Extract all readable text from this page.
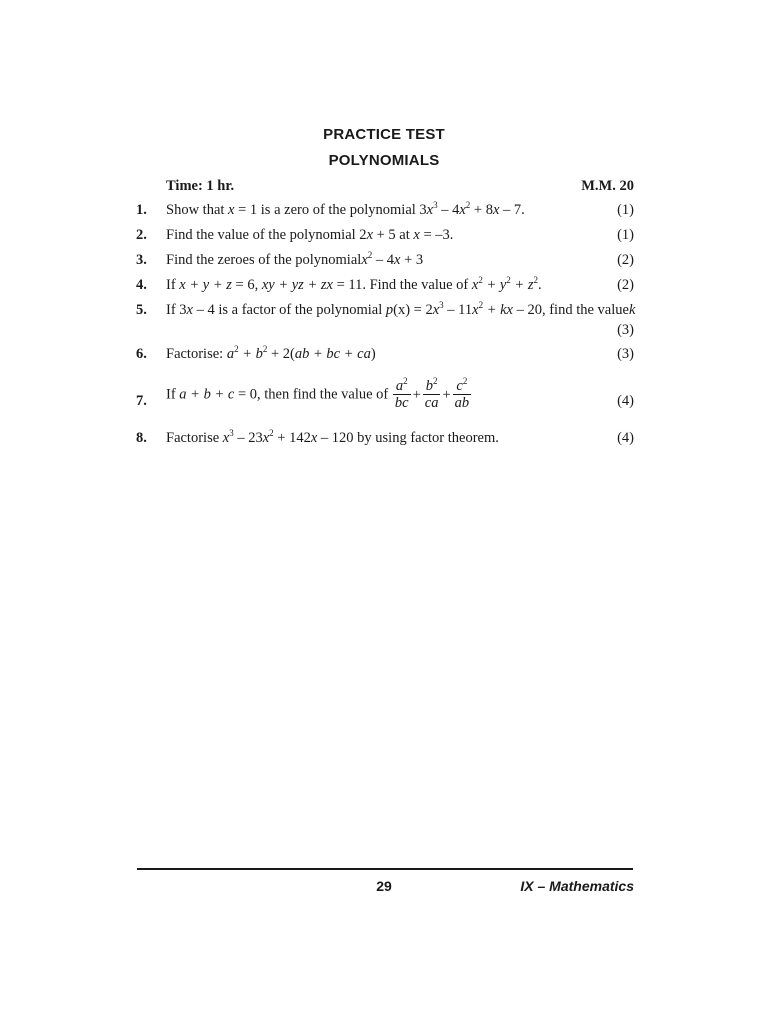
PRACTICE TEST
POLYNOMIALS
Time: 1 hr.	M.M. 20
1. Show that x = 1 is a zero of the polynomial $3x^3 - 4x^2 + 8x - 7$.	(1)
2. Find the value of the polynomial 2x + 5 at x = –3.	(1)
3. Find the zeroes of the polynomialx$^2$ – 4x + 3	(2)
4. If x + y + z = 6, xy + yz + zx = 11. Find the value of $x^2 + y^2 + z^2$.	(2)
5. If 3x – 4 is a factor of the polynomial $p(x) = 2x^3 - 11x^2$ + kx – 20, find the valuek
(3)
6. Factorise: $a^2 + b^2 + 2(ab$ + bc + ca)	(3)
7. If a + b + c = 0, then find the value of $\frac{a^2}{bc} + \frac{b^2}{ca} + \frac{c^2}{ab}$	(4)
8. Factorise $x^3 - 23x^2 + 142x - 120$ by using factor theorem.	(4)
29	IX – Mathematics
